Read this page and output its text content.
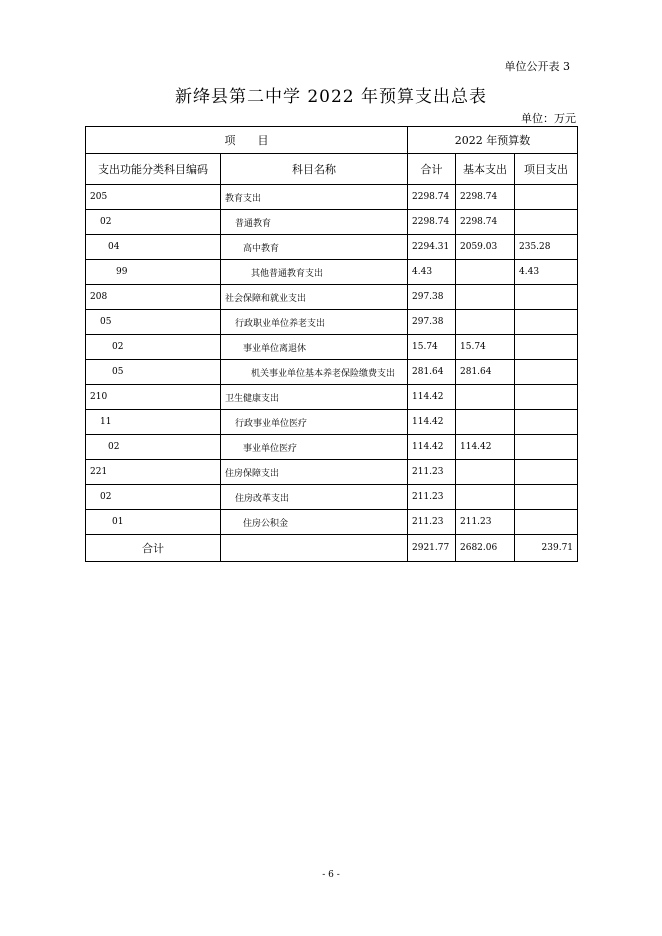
单位公开表 3
新绛县第二中学 2022 年预算支出总表
单位：万元
项　　目		2022 年预算数		
支出功能分类科目编码	科目名称	合计	基本支出	项目支出
205	教育支出	2298.74	2298.74	
02	普通教育	2298.74	2298.74	
04	高中教育	2294.31	2059.03	235.28
99	其他普通教育支出	4.43		4.43
208	社会保障和就业支出	297.38		
05	行政职业单位养老支出	297.38		
02	事业单位离退休	15.74	15.74	
05	机关事业单位基本养老保险缴费支出	281.64	281.64	
210	卫生健康支出	114.42		
11	行政事业单位医疗	114.42		
02	事业单位医疗	114.42	114.42	
221	住房保障支出	211.23		
02	住房改革支出	211.23		
01	住房公积金	211.23	211.23	
合计		2921.77	2682.06	239.71
- 6 -
